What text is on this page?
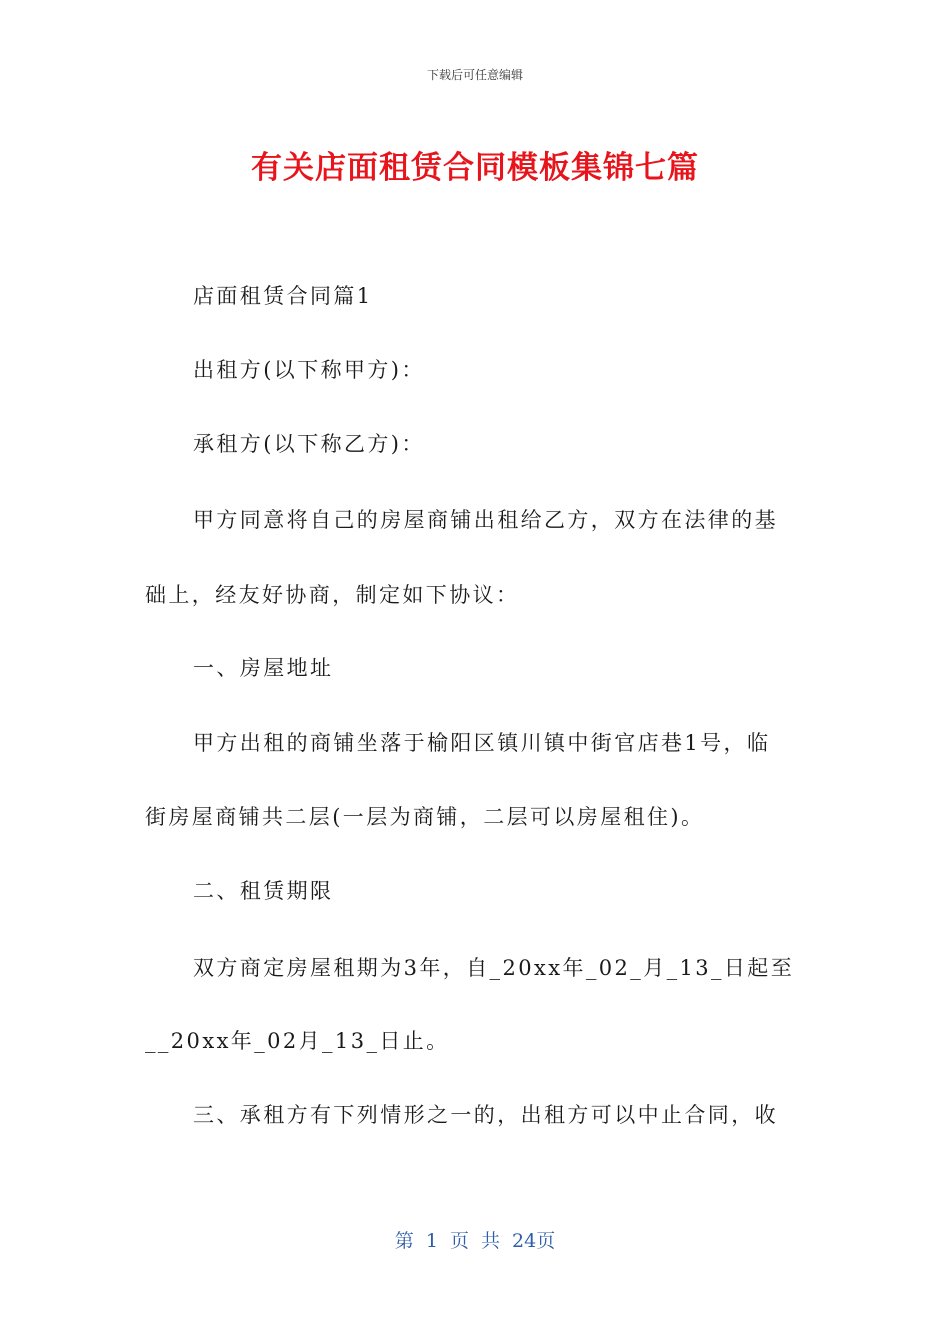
下载后可任意编辑
有关店面租赁合同模板集锦七篇
店面租赁合同篇1
出租方(以下称甲方)：
承租方(以下称乙方)：
甲方同意将自己的房屋商铺出租给乙方，双方在法律的基
础上，经友好协商，制定如下协议：
一、房屋地址
甲方出租的商铺坐落于榆阳区镇川镇中街官店巷1号，临
街房屋商铺共二层(一层为商铺，二层可以房屋租住)。
二、租赁期限
双方商定房屋租期为3年，自_20xx年_02_月_13_日起至
__20xx年_02月_13_日止。
三、承租方有下列情形之一的，出租方可以中止合同，收
第 1 页 共 24页
